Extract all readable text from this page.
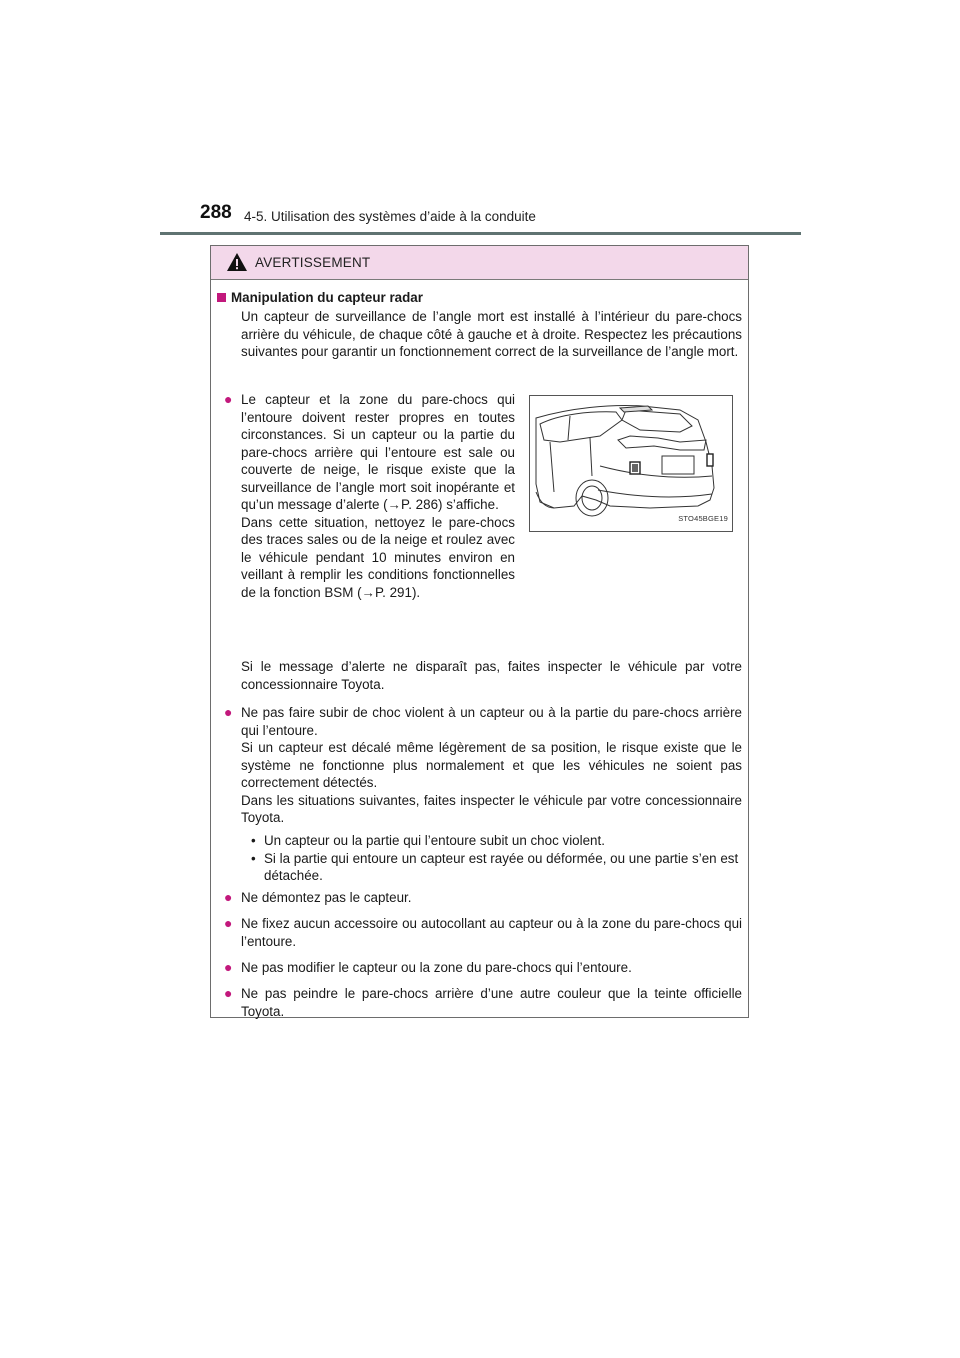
288 4-5. Utilisation des systèmes d’aide à la conduite
AVERTISSEMENT
Manipulation du capteur radar

Un capteur de surveillance de l’angle mort est installé à l’intérieur du pare-chocs arrière du véhicule, de chaque côté à gauche et à droite. Respectez les précautions suivantes pour garantir un fonctionnement correct de la surveillance de l’angle mort.

● Le capteur et la zone du pare-chocs qui l’entoure doivent rester propres en toutes circonstances. Si un capteur ou la partie du pare-chocs arrière qui l’entoure est sale ou couverte de neige, le risque existe que la surveillance de l’angle mort soit inopérante et qu’un message d’alerte (→P. 286) s’affiche.

Dans cette situation, nettoyez le pare-chocs des traces sales ou de la neige et roulez avec le véhicule pendant 10 minutes environ en veillant à remplir les conditions fonctionnelles de la fonction BSM (→P. 291).

Si le message d’alerte ne disparaît pas, faites inspecter le véhicule par votre concessionnaire Toyota.

STO45BGE19
● Ne pas faire subir de choc violent à un capteur ou à la partie du pare-chocs arrière qui l’entoure.

Si un capteur est décalé même légèrement de sa position, le risque existe que le système ne fonctionne plus normalement et que les véhicules ne soient pas correctement détectés.

Dans les situations suivantes, faites inspecter le véhicule par votre concessionnaire Toyota.

• Un capteur ou la partie qui l’entoure subit un choc violent.
• Si la partie qui entoure un capteur est rayée ou déformée, ou une partie s’en est détachée.
● Ne démontez pas le capteur.

● Ne fixez aucun accessoire ou autocollant au capteur ou à la zone du pare-chocs qui l’entoure.

● Ne pas modifier le capteur ou la zone du pare-chocs qui l’entoure.

● Ne pas peindre le pare-chocs arrière d’une autre couleur que la teinte officielle Toyota.
